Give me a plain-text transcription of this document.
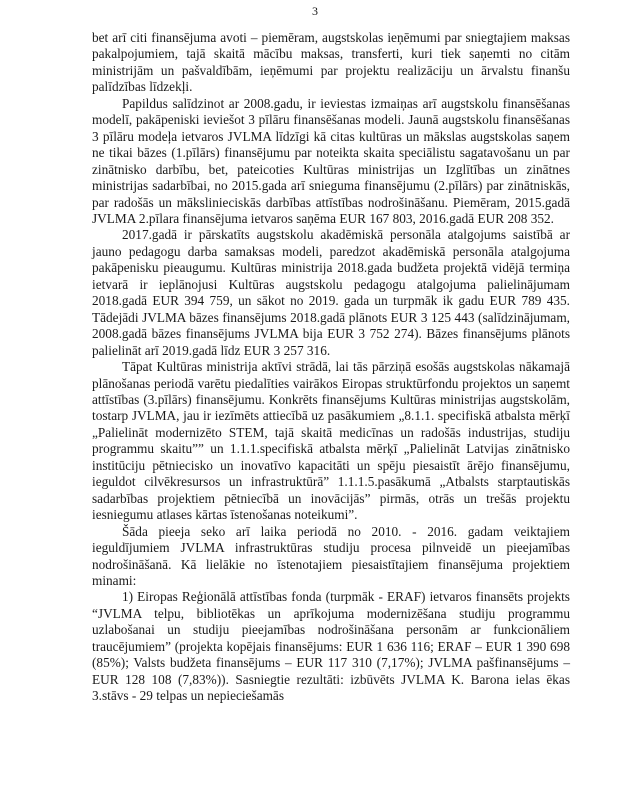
3

bet arī citi finansējuma avoti – piemēram, augstskolas ieņēmumi par sniegtajiem maksas pakalpojumiem, tajā skaitā mācību maksas, transferti, kuri tiek saņemti no citām ministrijām un pašvaldībām, ieņēmumi par projektu realizāciju un ārvalstu finanšu palīdzības līdzekļi.

Papildus salīdzinot ar 2008.gadu, ir ieviestas izmaiņas arī augstskolu finansēšanas modelī, pakāpeniski ieviešot 3 pīlāru finansēšanas modeli. Jaunā augstskolu finansēšanas 3 pīlāru modeļa ietvaros JVLMA līdzīgi kā citas kultūras un mākslas augstskolas saņem ne tikai bāzes (1.pīlārs) finansējumu par noteikta skaita speciālistu sagatavošanu un par zinātnisko darbību, bet, pateicoties Kultūras ministrijas un Izglītības un zinātnes ministrijas sadarbībai, no 2015.gada arī snieguma finansējumu (2.pīlārs) par zinātniskās, par radošās un mākslinieciskās darbības attīstības nodrošināšanu. Piemēram, 2015.gadā JVLMA 2.pīlara finansējuma ietvaros saņēma EUR 167 803, 2016.gadā EUR 208 352.

2017.gadā ir pārskatīts augstskolu akadēmiskā personāla atalgojums saistībā ar jauno pedagogu darba samaksas modeli, paredzot akadēmiskā personāla atalgojuma pakāpenisku pieaugumu. Kultūras ministrija 2018.gada budžeta projektā vidējā termiņa ietvarā ir ieplānojusi Kultūras augstskolu pedagogu atalgojuma palielinājumam 2018.gadā EUR 394 759, un sākot no 2019. gada un turpmāk ik gadu EUR 789 435. Tādejādi JVLMA bāzes finansējums 2018.gadā plānots EUR 3 125 443 (salīdzinājumam, 2008.gadā bāzes finansējums JVLMA bija EUR 3 752 274). Bāzes finansējums plānots palielināt arī 2019.gadā līdz EUR 3 257 316.

Tāpat Kultūras ministrija aktīvi strādā, lai tās pārziņā esošās augstskolas nākamajā plānošanas periodā varētu piedalīties vairākos Eiropas struktūrfondu projektos un saņemt attīstības (3.pīlārs) finansējumu. Konkrēts finansējums Kultūras ministrijas augstskolām, tostarp JVLMA, jau ir iezīmēts attiecībā uz pasākumiem „8.1.1. specifiskā atbalsta mērķī „Palielināt modernizēto STEM, tajā skaitā medicīnas un radošās industrijas, studiju programmu skaitu”” un 1.1.1.specifiskā atbalsta mērķī „Palielināt Latvijas zinātnisko institūciju pētniecisko un inovatīvo kapacitāti un spēju piesaistīt ārējo finansējumu, ieguldot cilvēkresursos un infrastruktūrā” 1.1.1.5.pasākumā „Atbalsts starptautiskās sadarbības projektiem pētniecībā un inovācijās” pirmās, otrās un trešās projektu iesniegumu atlases kārtas īstenošanas noteikumi”.

Šāda pieeja seko arī laika periodā no 2010. - 2016. gadam veiktajiem ieguldījumiem JVLMA infrastruktūras studiju procesa pilnveidē un pieejamības nodrošināšanā. Kā lielākie no īstenotajiem piesaistītajiem finansējuma projektiem minami:

1) Eiropas Reģionālā attīstības fonda (turpmāk - ERAF) ietvaros finansēts projekts “JVLMA telpu, bibliotēkas un aprīkojuma modernizēšana studiju programmu uzlabošanai un studiju pieejamības nodrošināšana personām ar funkcionāliem traucējumiem” (projekta kopējais finansējums: EUR 1 636 116; ERAF – EUR 1 390 698 (85%); Valsts budžeta finansējums – EUR 117 310 (7,17%); JVLMA pašfinansējums – EUR 128 108 (7,83%)). Sasniegtie rezultāti: izbūvēts JVLMA K. Barona ielas ēkas 3.stāvs - 29 telpas un nepieciešamās
